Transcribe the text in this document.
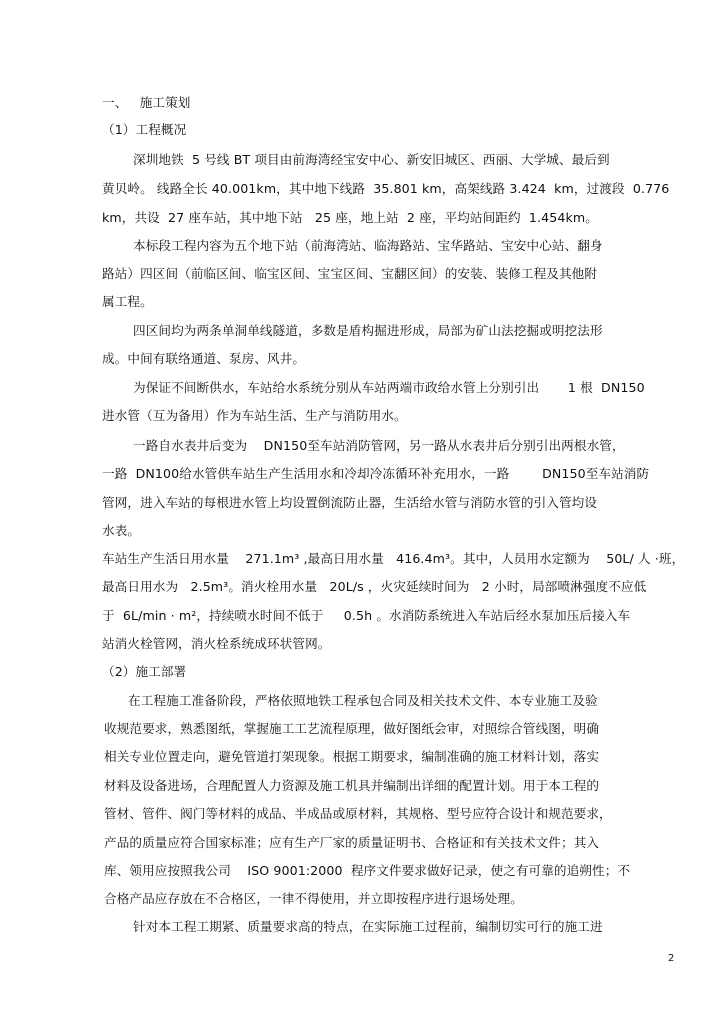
一、   施工策划
（1）工程概况
深圳地铁  5 号线 BT 项目由前海湾经宝安中心、新安旧城区、西丽、大学城、最后到
黄贝岭。 线路全长 40.001km，其中地下线路  35.801 km，高架线路 3.424  km，过渡段  0.776
km，共设  27 座车站，其中地下站   25 座，地上站  2 座，平均站间距约  1.454km。
本标段工程内容为五个地下站（前海湾站、临海路站、宝华路站、宝安中心站、翻身
路站）四区间（前临区间、临宝区间、宝宝区间、宝翻区间）的安装、装修工程及其他附
属工程。
四区间均为两条单洞单线隧道，多数是盾构掘进形成，局部为矿山法挖掘或明挖法形
成。中间有联络通道、泵房、风井。
为保证不间断供水，车站给水系统分别从车站两端市政给水管上分别引出       1 根  DN150
进水管（互为备用）作为车站生活、生产与消防用水。
一路自水表井后变为    DN150至车站消防管网，另一路从水表井后分别引出两根水管，
一路  DN100给水管供车站生产生活用水和冷却冷冻循环补充用水，一路        DN150至车站消防
管网，进入车站的每根进水管上均设置倒流防止器，生活给水管与消防水管的引入管均设
水表。
车站生产生活日用水量    271.1m³ ,最高日用水量   416.4m³。其中，人员用水定额为    50L/ 人 ·班，
最高日用水为   2.5m³。消火栓用水量   20L/s ，火灾延续时间为   2 小时，局部喷淋强度不应低
于  6L/min · m²，持续喷水时间不低于     0.5h 。水消防系统进入车站后经水泵加压后接入车
站消火栓管网，消火栓系统成环状管网。
（2）施工部署
在工程施工准备阶段，严格依照地铁工程承包合同及相关技术文件、本专业施工及验
收规范要求，熟悉图纸，掌握施工工艺流程原理，做好图纸会审，对照综合管线图，明确
相关专业位置走向，避免管道打架现象。根据工期要求，编制准确的施工材料计划，落实
材料及设备进场，合理配置人力资源及施工机具并编制出详细的配置计划。用于本工程的
管材、管件、阀门等材料的成品、半成品或原材料，其规格、型号应符合设计和规范要求，
产品的质量应符合国家标准；应有生产厂家的质量证明书、合格证和有关技术文件；其入
库、领用应按照我公司    ISO 9001:2000  程序文件要求做好记录，使之有可靠的追朔性；不
合格产品应存放在不合格区，一律不得使用，并立即按程序进行退场处理。
针对本工程工期紧、质量要求高的特点，在实际施工过程前，编制切实可行的施工进
2
